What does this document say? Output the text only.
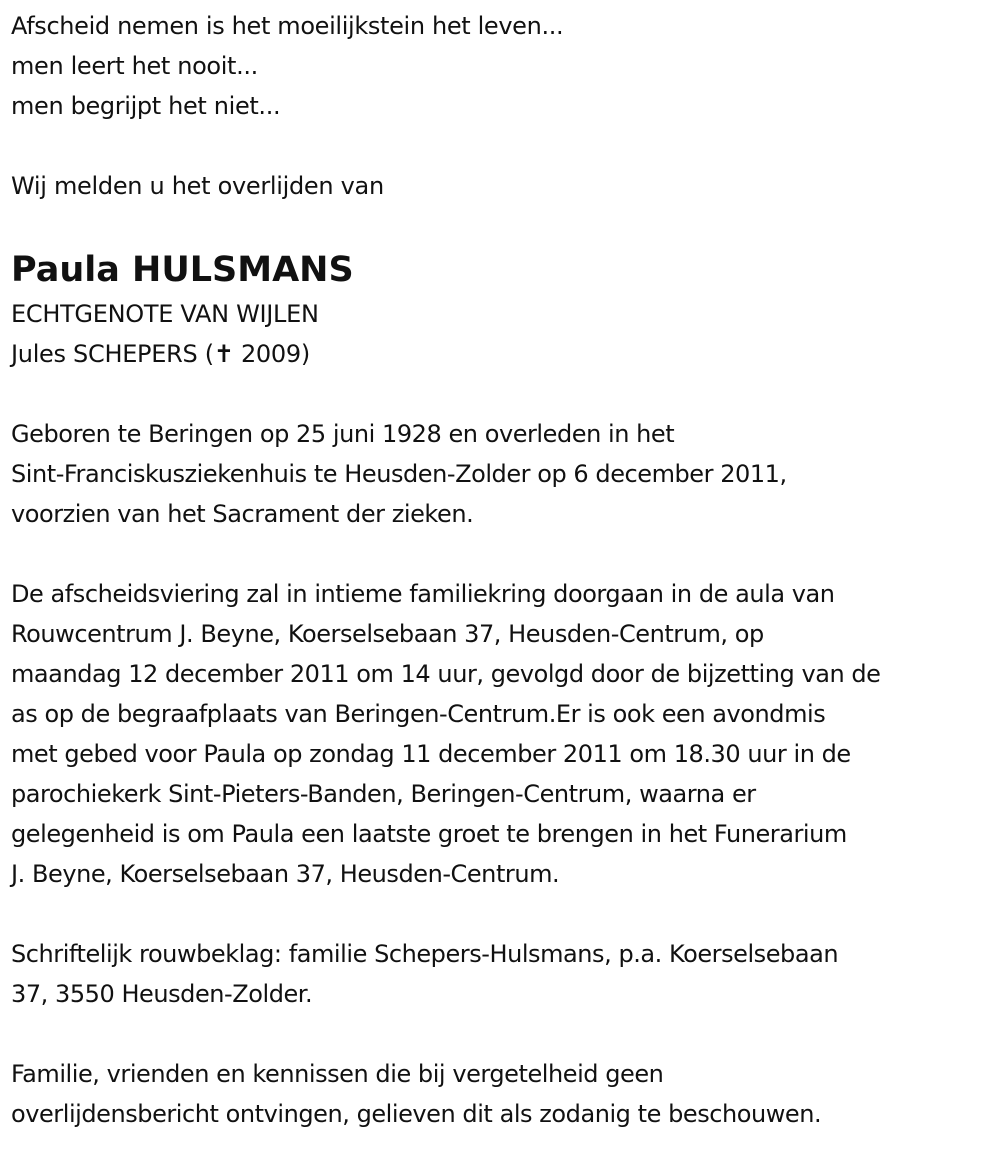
Afscheid nemen is het moeilijkstein het leven...
men leert het nooit...
men begrijpt het niet...
Wij melden u het overlijden van
Paula HULSMANS
ECHTGENOTE VAN WIJLEN
Jules SCHEPERS (✝ 2009)
Geboren te Beringen op 25 juni 1928 en overleden in het
Sint-Franciskusziekenhuis te Heusden-Zolder op 6 december 2011,
voorzien van het Sacrament der zieken.
De afscheidsviering zal in intieme familiekring doorgaan in de aula van
Rouwcentrum J. Beyne, Koerselsebaan 37, Heusden-Centrum, op
maandag 12 december 2011 om 14 uur, gevolgd door de bijzetting van de
as op de begraafplaats van Beringen-Centrum.Er is ook een avondmis
met gebed voor Paula op zondag 11 december 2011 om 18.30 uur in de
parochiekerk Sint-Pieters-Banden, Beringen-Centrum, waarna er
gelegenheid is om Paula een laatste groet te brengen in het Funerarium
J. Beyne, Koerselsebaan 37, Heusden-Centrum.
Schriftelijk rouwbeklag: familie Schepers-Hulsmans, p.a. Koerselsebaan
37, 3550 Heusden-Zolder.
Familie, vrienden en kennissen die bij vergetelheid geen
overlijdensbericht ontvingen, gelieven dit als zodanig te beschouwen.
